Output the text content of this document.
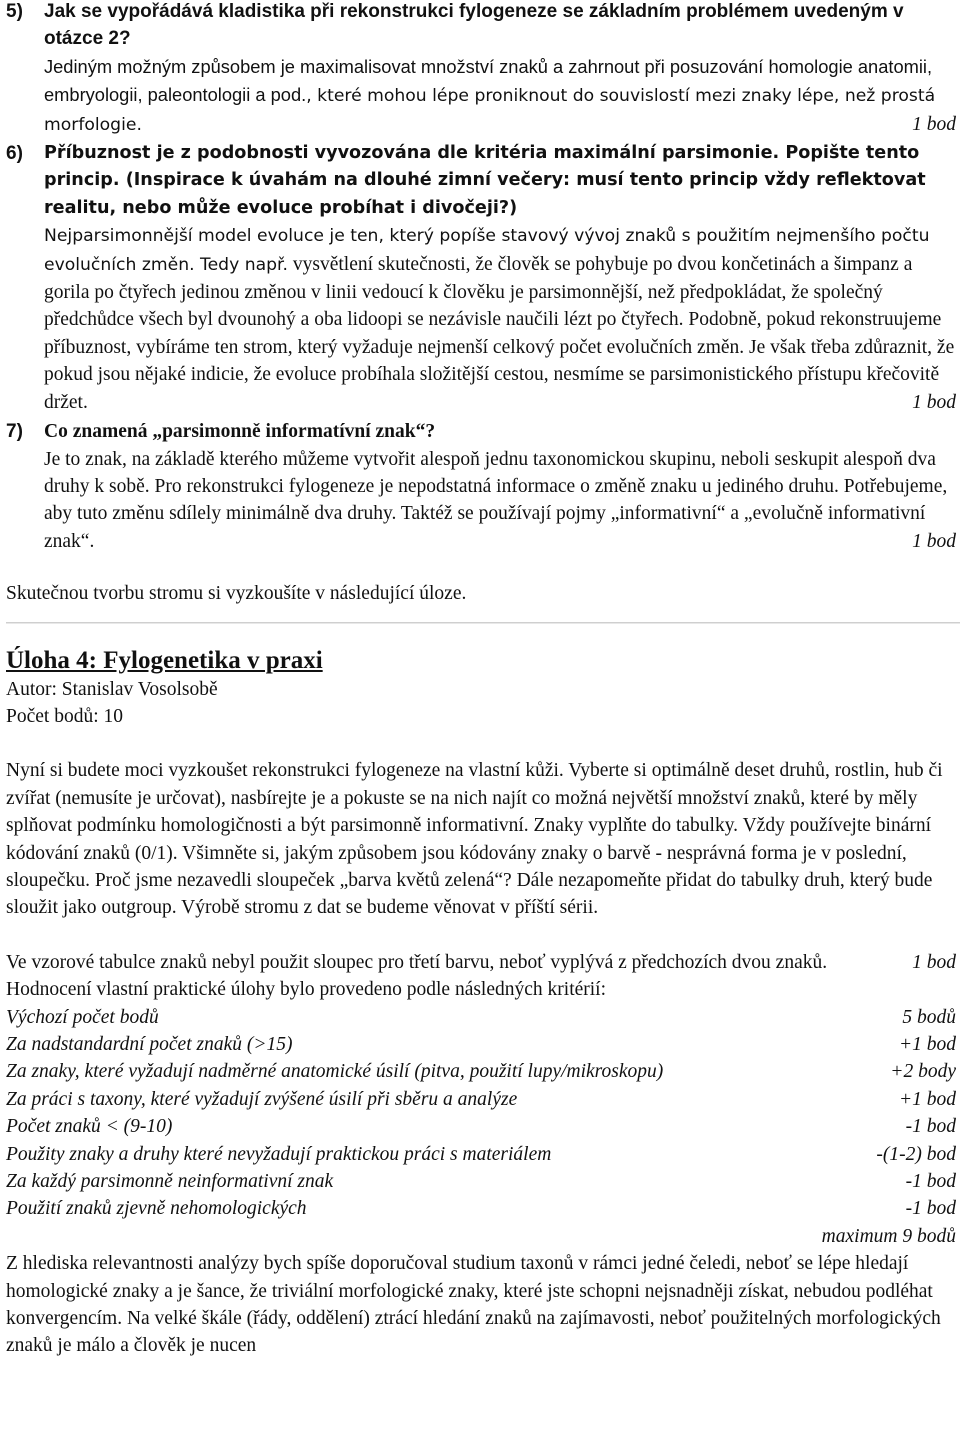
5)	Jak se vypořádává kladistika při rekonstrukci fylogeneze se základním problémem uvedeným v otázce 2?
Jediným možným způsobem je maximalisovat množství znaků a zahrnout při posuzování homologie anatomii, embryologii, paleontologii a pod., které mohou lépe proniknout do souvislostí mezi znaky lépe, než prostá morfologie.	1 bod
6)	Příbuznost je z podobnosti vyvozována dle kritéria maximální parsimonie. Popište tento princip. (Inspirace k úvahám na dlouhé zimní večery: musí tento princip vždy reflektovat realitu, nebo může evoluce probíhat i divočeji?)
Nejparsimonnější model evoluce je ten, který popíše stavový vývoj znaků s použitím nejmenšího počtu evolučních změn. Tedy např. vysvětlení skutečnosti, že člověk se pohybuje po dvou končetinách a šimpanz a gorila po čtyřech jedinou změnou v linii vedoucí k člověku je parsimonnější, než předpokládat, že společný předchůdce všech byl dvounohý a oba lidoopi se nezávisle naučili lézt po čtyřech. Podobně, pokud rekonstruujeme příbuznost, vybíráme ten strom, který vyžaduje nejmenší celkový počet evolučních změn. Je však třeba zdůraznit, že pokud jsou nějaké indicie, že evoluce probíhala složitější cestou, nesmíme se parsimonistického přístupu křečovitě držet.	1 bod
7)	Co znamená „parsimonně informatívní znak“?
Je to znak, na základě kterého můžeme vytvořit alespoň jednu taxonomickou skupinu, neboli seskupit alespoň dva druhy k sobě. Pro rekonstrukci fylogeneze je nepodstatná informace o změně znaku u jediného druhu. Potřebujeme, aby tuto změnu sdílely minimálně dva druhy. Taktéž se používají pojmy „informativní“ a „evolučně informativní znak“.	1 bod

Skutečnou tvorbu stromu si vyzkoušíte v následující úloze.

Úloha 4: Fylogenetika v praxi
Autor: Stanislav Vosolsobě
Počet bodů: 10

Nyní si budete moci vyzkoušet rekonstrukci fylogeneze na vlastní kůži. Vyberte si optimálně deset druhů, rostlin, hub či zvířat (nemusíte je určovat), nasbírejte je a pokuste se na nich najít co možná největší množství znaků, které by měly splňovat podmínku homologičnosti a být parsimonně informativní. Znaky vyplňte do tabulky. Vždy používejte binární kódování znaků (0/1). Všimněte si, jakým způsobem jsou kódovány znaky o barvě - nesprávná forma je v poslední, sloupečku. Proč jsme nezavedli sloupeček „barva květů zelená“? Dále nezapomeňte přidat do tabulky druh, který bude sloužit jako outgroup. Výrobě stromu z dat se budeme věnovat v příští sérii.

Ve vzorové tabulce znaků nebyl použit sloupec pro třetí barvu, neboť vyplývá z předchozích dvou znaků.	1 bod

Hodnocení vlastní praktické úlohy bylo provedeno podle následných kritérií:
Výchozí počet bodů	5 bodů
Za nadstandardní počet znaků (>15)	+1 bod
Za znaky, které vyžadují nadměrné anatomické úsilí (pitva, použití lupy/mikroskopu)	+2 body
Za práci s taxony, které vyžadují zvýšené úsilí při sběru a analýze	+1 bod
Počet znaků < (9-10)	-1 bod
Použity znaky a druhy které nevyžadují praktickou práci s materiálem	-(1-2) bod
Za každý parsimonně neinformativní znak	-1 bod
Použití znaků zjevně nehomologických	-1 bod
maximum 9 bodů

Z hlediska relevantnosti analýzy bych spíše doporučoval studium taxonů v rámci jedné čeledi, neboť se lépe hledají homologické znaky a je šance, že triviální morfologické znaky, které jste schopni nejsnadněji získat, nebudou podléhat konvergencím. Na velké škále (řády, oddělení) ztrácí hledání znaků na zajímavosti, neboť použitelných morfologických znaků je málo a člověk je nucen
